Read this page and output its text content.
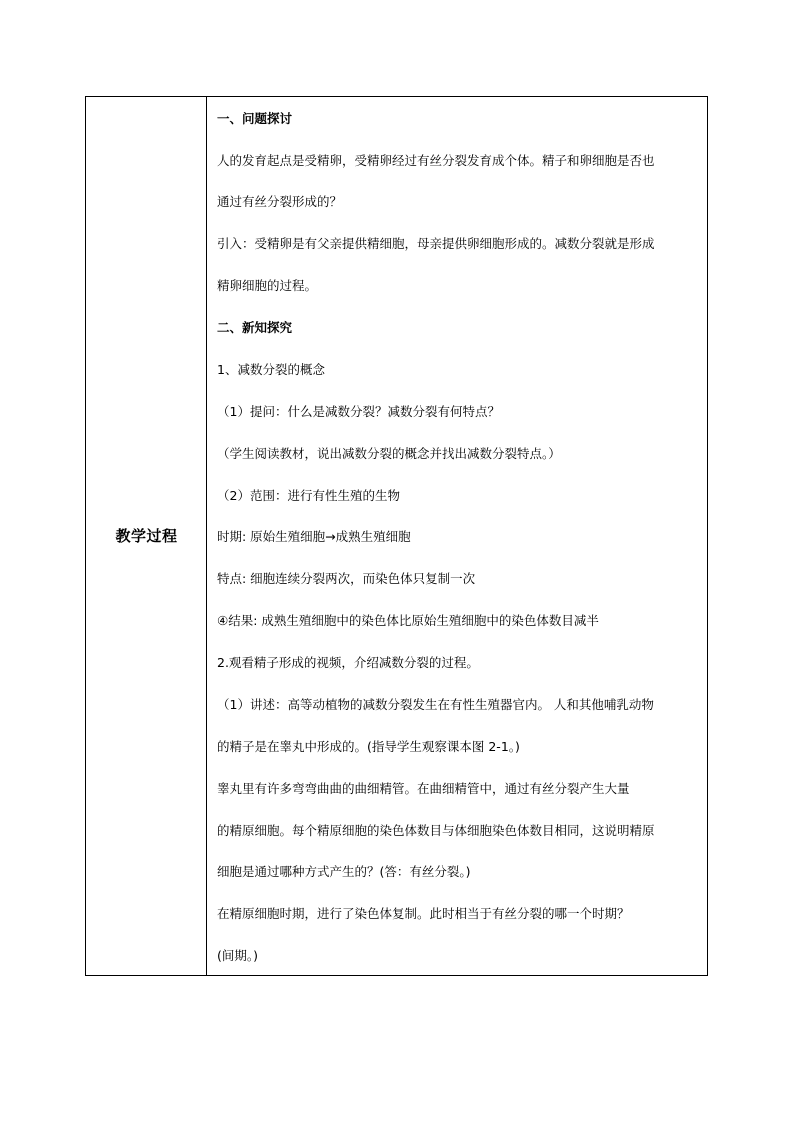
教学过程
一、问题探讨
人的发育起点是受精卵，受精卵经过有丝分裂发育成个体。精子和卵细胞是否也
通过有丝分裂形成的？
引入：受精卵是有父亲提供精细胞，母亲提供卵细胞形成的。减数分裂就是形成
精卵细胞的过程。
二、新知探究
1、减数分裂的概念
（1）提问：什么是减数分裂？减数分裂有何特点？
（学生阅读教材，说出减数分裂的概念并找出减数分裂特点。）
（2）范围：进行有性生殖的生物
时期: 原始生殖细胞→成熟生殖细胞
特点: 细胞连续分裂两次，而染色体只复制一次
④结果: 成熟生殖细胞中的染色体比原始生殖细胞中的染色体数目减半
2.观看精子形成的视频，介绍减数分裂的过程。
（1）讲述：高等动植物的减数分裂发生在有性生殖器官内。 人和其他哺乳动物
的精子是在睾丸中形成的。(指导学生观察课本图 2-1。)
睾丸里有许多弯弯曲曲的曲细精管。在曲细精管中，通过有丝分裂产生大量
的精原细胞。每个精原细胞的染色体数目与体细胞染色体数目相同，这说明精原
细胞是通过哪种方式产生的？(答：有丝分裂。)
在精原细胞时期，进行了染色体复制。此时相当于有丝分裂的哪一个时期？
(间期。)
